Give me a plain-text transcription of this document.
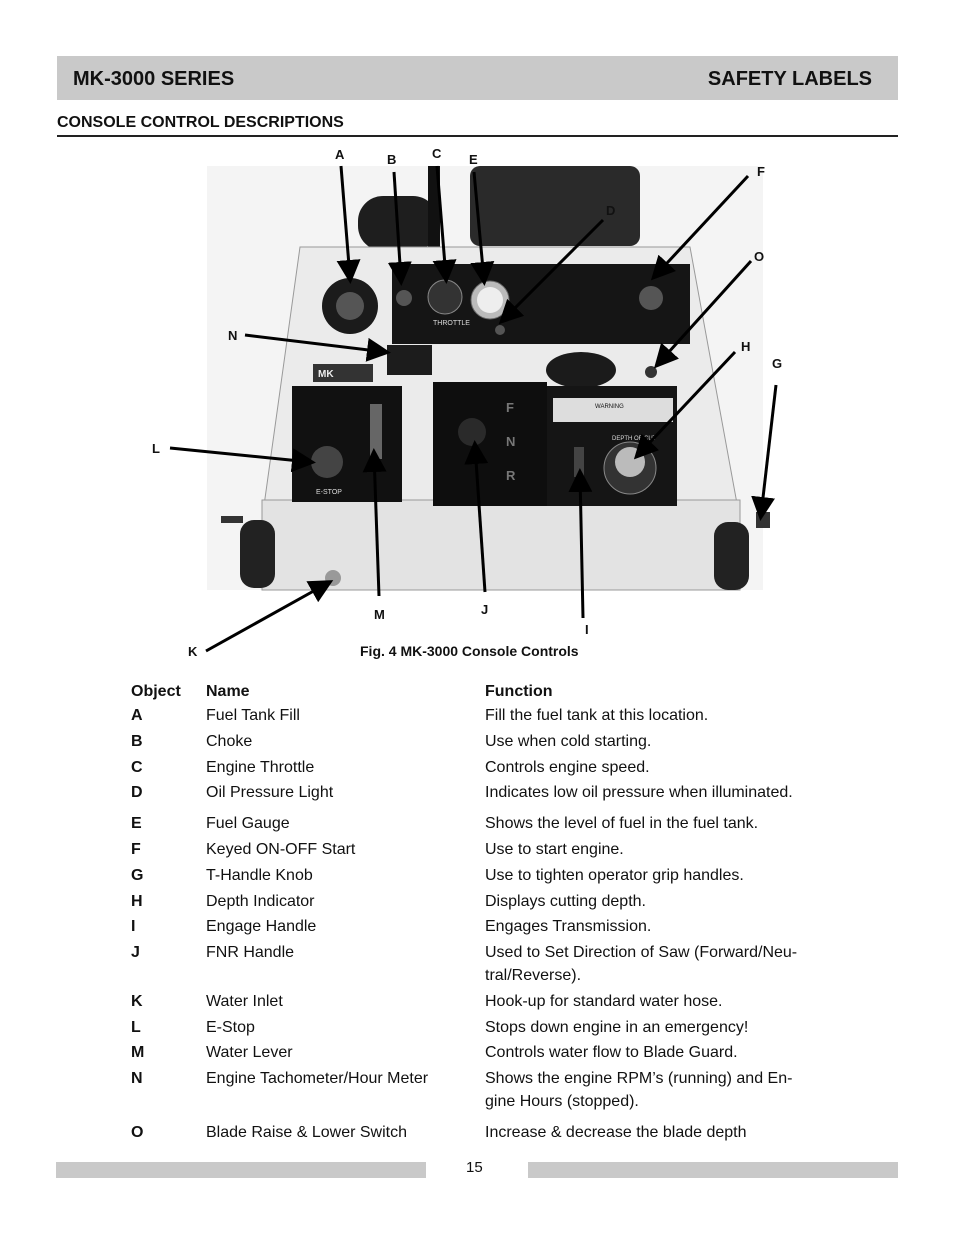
MK-3000 SERIES	SAFETY LABELS
CONSOLE CONTROL DESCRIPTIONS
THROTTLE
MK
E-STOP
F
N
R
WARNING
DEPTH OF CUT
A	B	C E
F
D
O
N
H
G
L
M	J
I
K	Fig. 4 MK-3000 Console Controls
Object	Name	Function
A	Fuel Tank Fill	Fill the fuel tank at this location.
B	Choke	Use when cold starting.
C	Engine Throttle	Controls engine speed.
D	Oil Pressure Light	Indicates low oil pressure when illuminated.
E	Fuel Gauge	Shows the level of fuel in the fuel tank.
F	Keyed ON-OFF Start	Use to start engine.
G	T-Handle Knob	Use to tighten operator grip handles.
H	Depth Indicator	Displays cutting depth.
I	Engage Handle	Engages Transmission.
J	FNR Handle	Used to Set Direction of Saw (Forward/Neu-
tral/Reverse).
K	Water Inlet	Hook-up for standard water hose.
L	E-Stop	Stops down engine in an emergency!
M	Water Lever	Controls water flow to Blade Guard.
N	Engine Tachometer/Hour Meter	Shows the engine RPM’s (running) and En-
gine Hours (stopped).
O	Blade Raise & Lower Switch	Increase & decrease the blade depth
15
